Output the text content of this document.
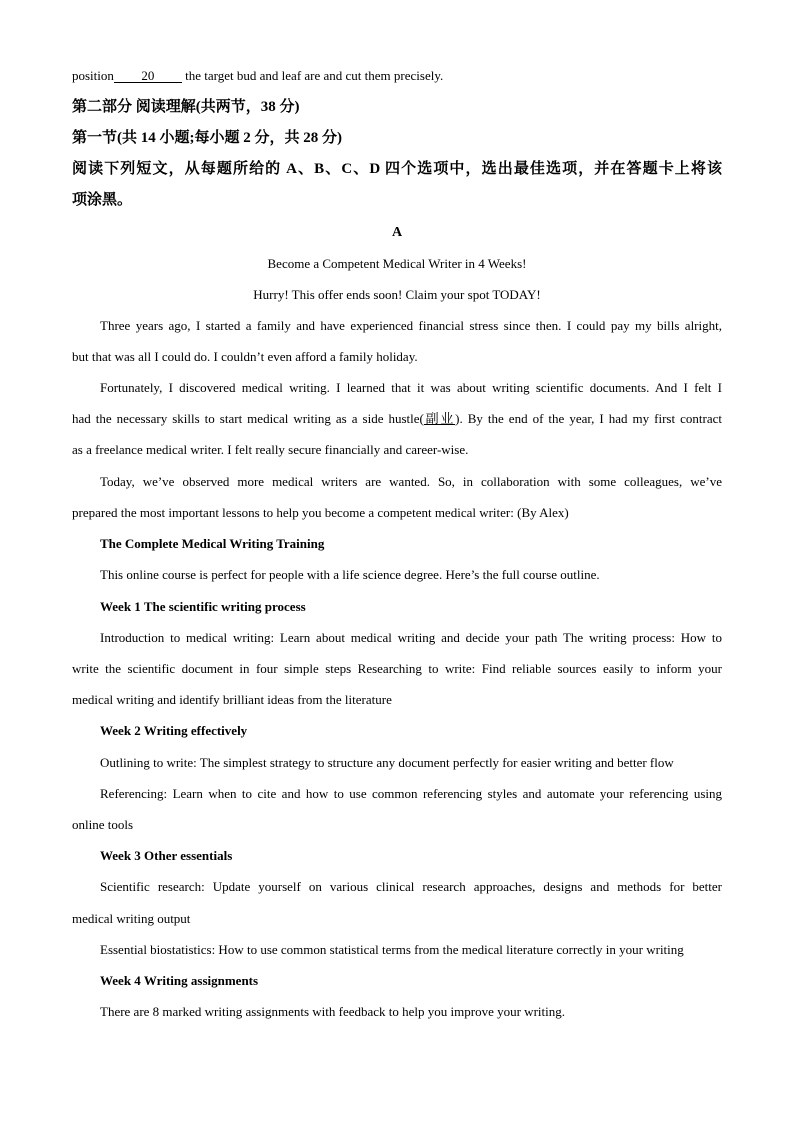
position 20 the target bud and leaf are and cut them precisely.
第二部分 阅读理解(共两节，38 分)
第一节(共 14 小题;每小题 2 分，共 28 分)
阅读下列短文，从每题所给的 A、B、C、D 四个选项中，选出最佳选项，并在答题卡上将该
项涂黑。
A
Become a Competent Medical Writer in 4 Weeks!
Hurry! This offer ends soon! Claim your spot TODAY!
Three years ago, I started a family and have experienced financial stress since then. I could pay my bills alright,
but that was all I could do. I couldn’t even afford a family holiday.
Fortunately, I discovered medical writing. I learned that it was about writing scientific documents. And I felt I
had the necessary skills to start medical writing as a side hustle(副业). By the end of the year, I had my first contract
as a freelance medical writer. I felt really secure financially and career-wise.
Today, we’ve observed more medical writers are wanted. So, in collaboration with some colleagues, we’ve
prepared the most important lessons to help you become a competent medical writer: (By Alex)
The Complete Medical Writing Training
This online course is perfect for people with a life science degree. Here’s the full course outline.
Week 1 The scientific writing process
Introduction to medical writing: Learn about medical writing and decide your path The writing process: How to
write the scientific document in four simple steps Researching to write: Find reliable sources easily to inform your
medical writing and identify brilliant ideas from the literature
Week 2 Writing effectively
Outlining to write: The simplest strategy to structure any document perfectly for easier writing and better flow
Referencing: Learn when to cite and how to use common referencing styles and automate your referencing using
online tools
Week 3 Other essentials
Scientific research: Update yourself on various clinical research approaches, designs and methods for better
medical writing output
Essential biostatistics: How to use common statistical terms from the medical literature correctly in your writing
Week 4 Writing assignments
There are 8 marked writing assignments with feedback to help you improve your writing.
